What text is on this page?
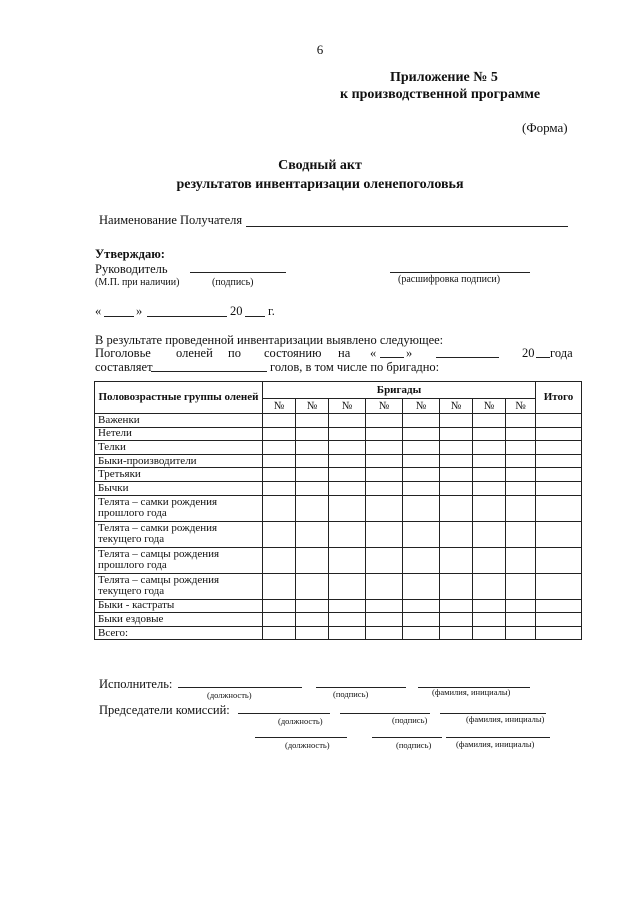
6
Приложение № 5
к производственной программе
(Форма)
Сводный акт
результатов инвентаризации оленепоголовья
Наименование Получателя
Утверждаю:
Руководитель
(М.П. при наличии)	(подпись)	(расшифровка подписи)
«	»	20 г.
В результате проведенной инвентаризации выявлено следующее:
Поголовье оленей по состоянию на « »	20 года
составляет	голов, в том числе по бригадно:
Половозрастные группы оленей	Бригады								Итого
	№	№	№	№	№	№	№	№	
Важенки									
Нетели									
Телки									
Быки-производители									
Третьяки									
Бычки									
Телята – самки рождения прошлого года									
Телята – самки рождения текущего года									
Телята – самцы рождения прошлого года									
Телята – самцы рождения текущего года									
Быки - кастраты									
Быки ездовые									
Всего:									
Исполнитель:
(должность)	(подпись)	(фамилия, инициалы)
Председатели комиссий:
(должность)	(подпись)	(фамилия, инициалы)
(должность)	(подпись)	(фамилия, инициалы)
